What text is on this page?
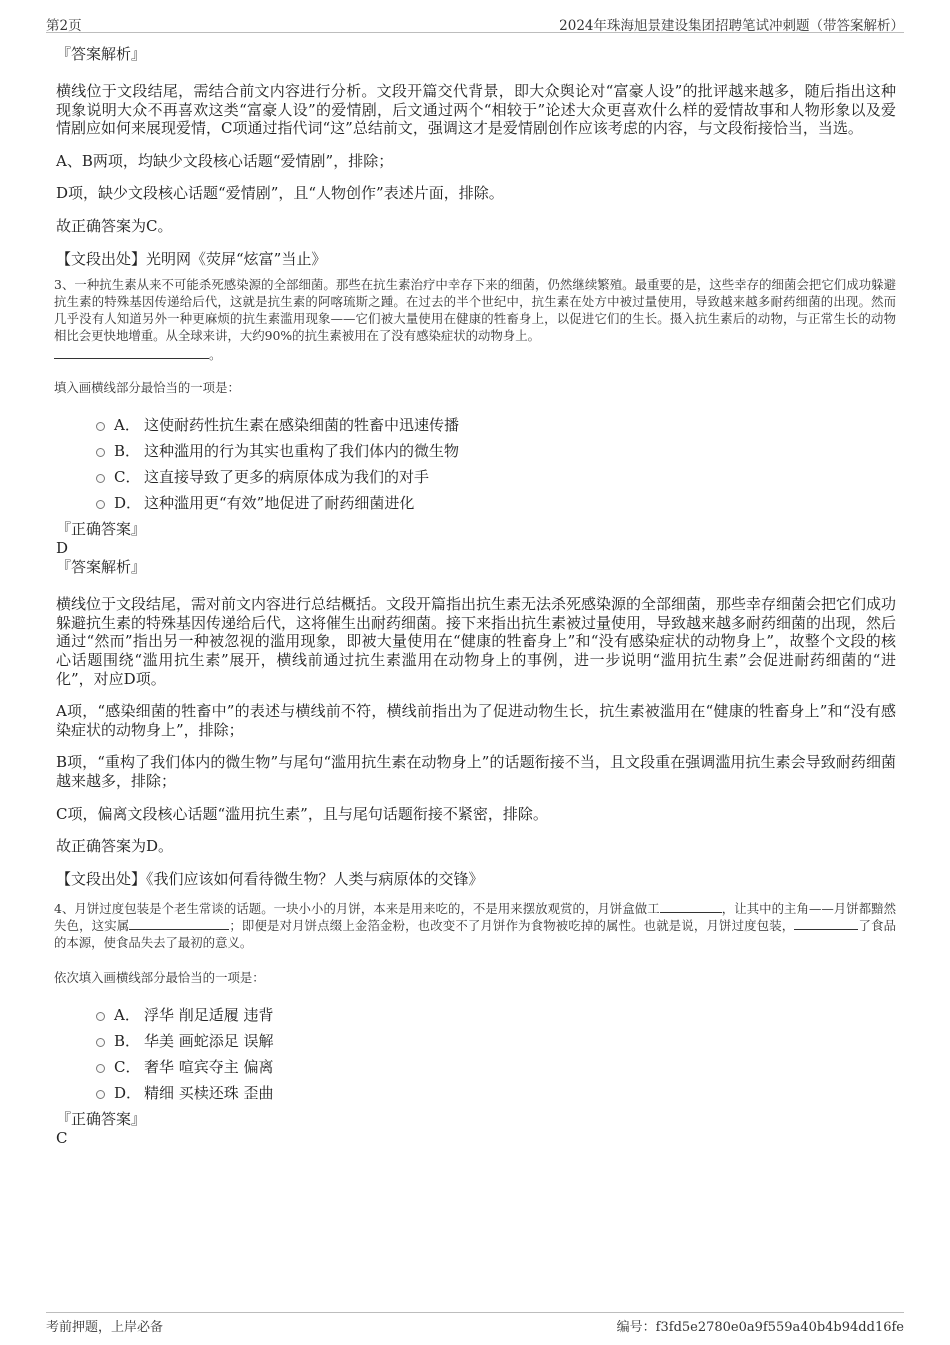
第2页	2024年珠海旭景建设集团招聘笔试冲刺题（带答案解析）
『答案解析』

横线位于文段结尾，需结合前文内容进行分析。文段开篇交代背景，即大众舆论对“富豪人设”的批评越来越多，随后指出这种现象说明大众不再喜欢这类“富豪人设”的爱情剧，后文通过两个“相较于”论述大众更喜欢什么样的爱情故事和人物形象以及爱情剧应如何来展现爱情，C项通过指代词“这”总结前文，强调这才是爱情剧创作应该考虑的内容，与文段衔接恰当，当选。

A、B两项，均缺少文段核心话题“爱情剧”，排除；

D项，缺少文段核心话题“爱情剧”，且“人物创作”表述片面，排除。

故正确答案为C。

【文段出处】光明网《荧屏“炫富”当止》

3、一种抗生素从来不可能杀死感染源的全部细菌。那些在抗生素治疗中幸存下来的细菌，仍然继续繁殖。最重要的是，这些幸存的细菌会把它们成功躲避抗生素的特殊基因传递给后代，这就是抗生素的阿喀琉斯之踵。在过去的半个世纪中，抗生素在处方中被过量使用，导致越来越多耐药细菌的出现。然而几乎没有人知道另外一种更麻烦的抗生素滥用现象——它们被大量使用在健康的牲畜身上，以促进它们的生长。摄入抗生素后的动物，与正常生长的动物相比会更快地增重。从全球来讲，大约90%的抗生素被用在了没有感染症状的动物身上。

。

填入画横线部分最恰当的一项是：

A． 这使耐药性抗生素在感染细菌的牲畜中迅速传播
B． 这种滥用的行为其实也重构了我们体内的微生物
C． 这直接导致了更多的病原体成为我们的对手
D． 这种滥用更“有效”地促进了耐药细菌进化
『正确答案』
D
『答案解析』

横线位于文段结尾，需对前文内容进行总结概括。文段开篇指出抗生素无法杀死感染源的全部细菌，那些幸存细菌会把它们成功躲避抗生素的特殊基因传递给后代，这将催生出耐药细菌。接下来指出抗生素被过量使用，导致越来越多耐药细菌的出现，然后通过“然而”指出另一种被忽视的滥用现象，即被大量使用在“健康的牲畜身上”和“没有感染症状的动物身上”，故整个文段的核心话题围绕“滥用抗生素”展开，横线前通过抗生素滥用在动物身上的事例，进一步说明“滥用抗生素”会促进耐药细菌的“进化”，对应D项。

A项，“感染细菌的牲畜中”的表述与横线前不符，横线前指出为了促进动物生长，抗生素被滥用在“健康的牲畜身上”和“没有感染症状的动物身上”，排除；

B项，“重构了我们体内的微生物”与尾句“滥用抗生素在动物身上”的话题衔接不当，且文段重在强调滥用抗生素会导致耐药细菌越来越多，排除；

C项，偏离文段核心话题“滥用抗生素”，且与尾句话题衔接不紧密，排除。

故正确答案为D。

【文段出处】《我们应该如何看待微生物？人类与病原体的交锋》

4、月饼过度包装是个老生常谈的话题。一块小小的月饼，本来是用来吃的，不是用来摆放观赏的，月饼盒做工	，让其中的主角——月饼都黯然失色，这实属	；即便是对月饼点缀上金箔金粉，也改变不了月饼作为食物被吃掉的属性。也就是说，月饼过度包装，	了食品的本源，使食品失去了最初的意义。

依次填入画横线部分最恰当的一项是：

A． 浮华 削足适履 违背
B． 华美 画蛇添足 误解
C． 奢华 喧宾夺主 偏离
D． 精细 买椟还珠 歪曲
『正确答案』
C
考前押题，上岸必备	编号：f3fd5e2780e0a9f559a40b4b94dd16fe
